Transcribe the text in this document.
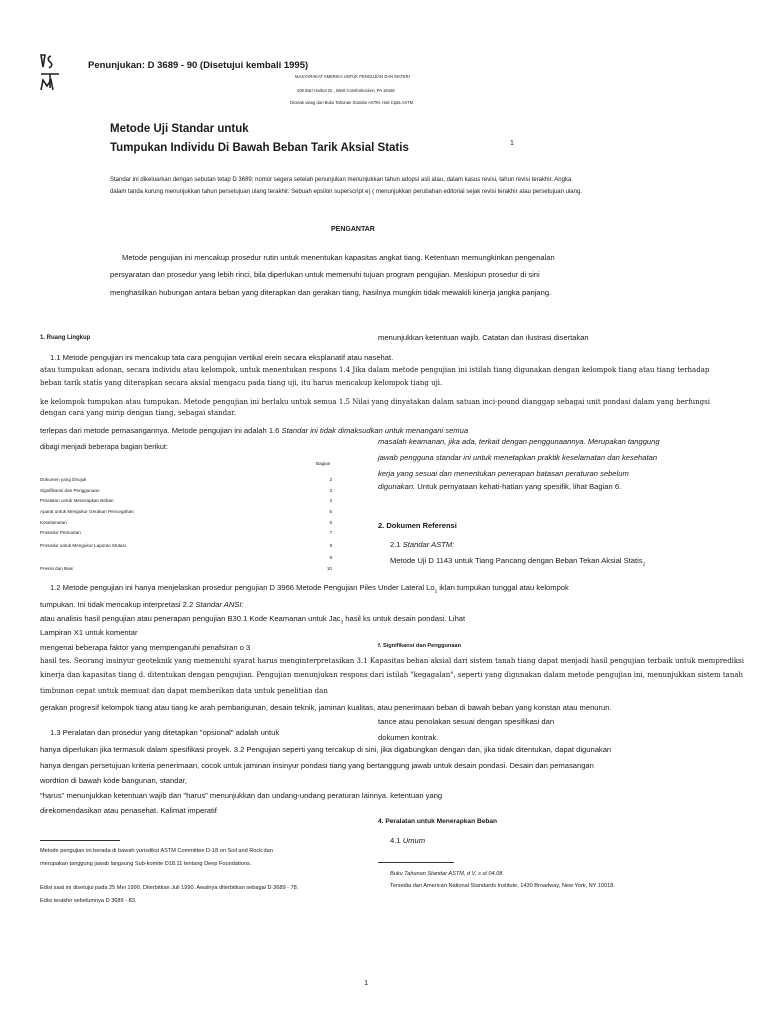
Penunjukan: D 3689 - 90 (Disetujui kembali 1995)
MASYARAKAT AMERIKA UNTUK PENGUJIAN DAN MATERI
100 Barr Harbor Dr., West Conshohocken, PA 19428
Dicetak ulang dari Buku Tahunan Standar ASTM. Hak Cipta ASTM
Metode Uji Standar untuk
Tumpukan Individu Di Bawah Beban Tarik Aksial Statis	1
Standar ini dikeluarkan dengan sebutan tetap D 3689; nomor segera setelah penunjukan menunjukkan tahun adopsi asli atau, dalam kasus revisi, tahun revisi terakhir. Angka
dalam tanda kurung menunjukkan tahun persetujuan ulang terakhir. Sebuah epsilon superscript e) ( menunjukkan perubahan editorial sejak revisi terakhir atau persetujuan ulang.
PENGANTAR
Metode pengujian ini mencakup prosedur rutin untuk menentukan kapasitas angkat tiang. Ketentuan memungkinkan pengenalan
persyaratan dan prosedur yang lebih rinci, bila diperlukan untuk memenuhi tujuan program pengujian. Meskipun prosedur di sini
menghasilkan hubungan antara beban yang diterapkan dan gerakan tiang, hasilnya mungkin tidak mewakili kinerja jangka panjang.
1. Ruang Lingkup	menunjukkan ketentuan wajib. Catatan dan ilustrasi disertakan
1.1 Metode pengujian ini mencakup tata cara pengujian vertikal erein secara eksplanatif atau nasehat.
atau tumpukan adonan, secara individu atau kelompok, untuk menentukan respons 1.4 Jika dalam metode pengujian ini istilah tiang digunakan dengan kelompok tiang atau tiang terhadap
beban tarik statis yang diterapkan secara aksial mengacu pada tiang uji, itu harus mencakup kelompok tiang uji.
ke kelompok tumpukan atau tumpukan. Metode pengujian ini berlaku untuk semua 1.5 Nilai yang dinyatakan dalam satuan inci-pound dianggap sebagai unit pondasi dalam yang berfungsi
dengan cara yang mirip dengan tiang, sebagai standar.
terlepas dari metode pemasangannya. Metode pengujian ini adalah 1.6 Standar ini tidak dimaksudkan untuk menangani semua
dibagi menjadi beberapa bagian berikut:
masalah keamanan, jika ada, terkait dengan penggunaannya. Merupakan tanggung
jawab pengguna standar ini untuk menetapkan praktik keselamatan dan kesehatan
kerja yang sesuai dan menentukan penerapan batasan peraturan sebelum
digunakan. Untuk pernyataan kehati-hatian yang spesifik, lihat Bagian 6.
Bagian
Dokumen yang Dirujuk	2
Signifikansi dan Penggunaan	3
Peralatan untuk Menerapkan Beban	4
Aparat untuk Mengukur Gerakan Pencegahan	5
Keselamatan	6
Prosedur Pemuatan	7
Prosedur untuk Mengukur Laporan Mutasi	8
9
Presisi dan Bias	10
2. Dokumen Referensi
2.1 Standar ASTM:
Metode Uji D 1143 untuk Tiang Pancang dengan Beban Tekan Aksial Statis$_2$
1.2 Metode pengujian ini hanya menjelaskan prosedur pengujian D 3966 Metode Pengujian Piles Under Lateral $Lo_2$ iklan tumpukan tunggal atau kelompok
tumpukan. Ini tidak mencakup interpretasi 2.2 Standar ANSI:
atau analisis hasil pengujian atau penerapan pengujian B30.1 Kode Keamanan untuk Jac$_3$ hasil ks untuk desain pondasi. Lihat
Lampiran X1 untuk komentar
mengenai beberapa faktor yang mempengaruhi penafsiran o 3	f. Signifikansi dan Penggunaan
hasil tes. Seorang insinyur geoteknik yang memenuhi syarat harus menginterpretasikan 3.1 Kapasitas beban aksial dari sistem tanah tiang dapat menjadi hasil pengujian terbaik untuk memprediksi
kinerja dan kapasitas tiang d. ditentukan dengan pengujian. Pengujian menunjukan respons dari istilah "kegagalan", seperti yang digunakan dalam metode pengujian ini, menunjukkan sistem tanah
timbunan cepat untuk memuat dan dapat memberikan data untuk penelitian dan
gerakan progresif kelompok tiang atau tiang ke arah pembangunan, desain teknik, jaminan kualitas, atau penerimaan beban di bawah beban yang konstan atau menurun.
tance atau penolakan sesuai dengan spesifikasi dan
1.3 Peralatan dan prosedur yang ditetapkan "opsional" adalah untuk
dokumen kontrak.
hanya diperlukan jika termasuk dalam spesifikasi proyek. 3.2 Pengujian seperti yang tercakup di sini, jika digabungkan dengan dan, jika tidak ditentukan, dapat digunakan
hanya dengan persetujuan kriteria penerimaan, cocok untuk jaminan insinyur pondasi tiang yang bertanggung jawab untuk desain pondasi. Desain dan pemasangan
wordtion di bawah kode bangunan, standar,
"harus" menunjukkan ketentuan wajib dan "harus" menunjukkan dan undang-undang peraturan lainnya. ketentuan yang
direkomendasikan atau penasehat. Kalimat imperatif
4. Peralatan untuk Menerapkan Beban
4.1 Umum
Metode pengujian ini berada di bawah yurisdiksi ASTM Committee D-18 on Soil and Rock dan
merupakan tanggung jawab langsung Sub-komite D18.11 tentang Deep Foundations.
Edisi saat ini disetujui pada 25 Mei 1990. Diterbitkan Juli 1990. Awalnya diterbitkan sebagai D 3689 - 78.
Edisi terakhir sebelumnya D 3689 - 83.
Buku Tahunan Standar ASTM, d V. s ol 04.08.
Tersedia dari American National Standards Institute, 1430 Broadway, New York, NY 10018.
1
